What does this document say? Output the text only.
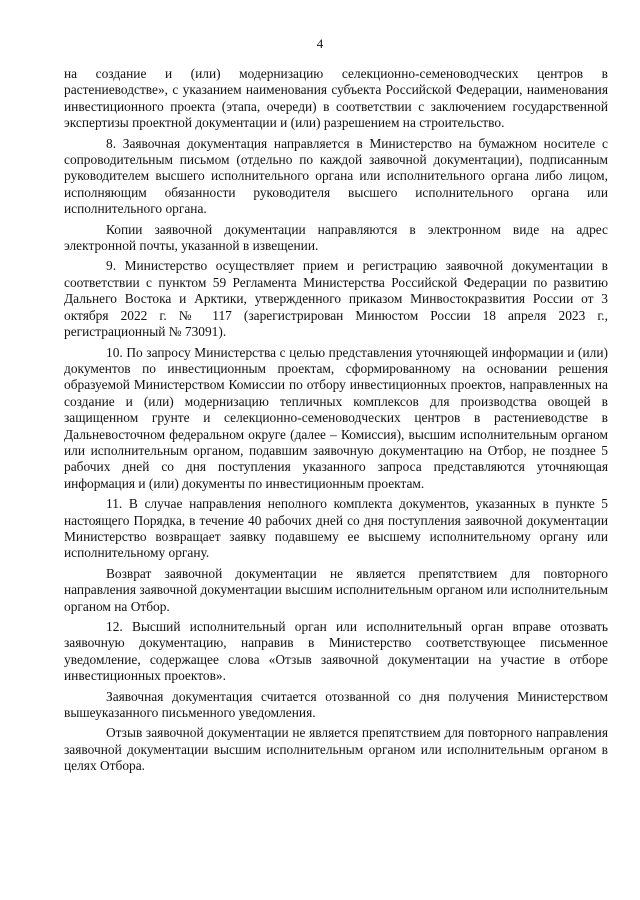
4

на создание и (или) модернизацию селекционно-семеноводческих центров в растениеводстве», с указанием наименования субъекта Российской Федерации, наименования инвестиционного проекта (этапа, очереди) в соответствии с заключением государственной экспертизы проектной документации и (или) разрешением на строительство.

8. Заявочная документация направляется в Министерство на бумажном носителе с сопроводительным письмом (отдельно по каждой заявочной документации), подписанным руководителем высшего исполнительного органа или исполнительного органа либо лицом, исполняющим обязанности руководителя высшего исполнительного органа или исполнительного органа.

Копии заявочной документации направляются в электронном виде на адрес электронной почты, указанной в извещении.

9. Министерство осуществляет прием и регистрацию заявочной документации в соответствии с пунктом 59 Регламента Министерства Российской Федерации по развитию Дальнего Востока и Арктики, утвержденного приказом Минвостокразвития России от 3 октября 2022 г. № 117 (зарегистрирован Минюстом России 18 апреля 2023 г., регистрационный № 73091).

10. По запросу Министерства с целью представления уточняющей информации и (или) документов по инвестиционным проектам, сформированному на основании решения образуемой Министерством Комиссии по отбору инвестиционных проектов, направленных на создание и (или) модернизацию тепличных комплексов для производства овощей в защищенном грунте и селекционно-семеноводческих центров в растениеводстве в Дальневосточном федеральном округе (далее – Комиссия), высшим исполнительным органом или исполнительным органом, подавшим заявочную документацию на Отбор, не позднее 5 рабочих дней со дня поступления указанного запроса представляются уточняющая информация и (или) документы по инвестиционным проектам.

11. В случае направления неполного комплекта документов, указанных в пункте 5 настоящего Порядка, в течение 40 рабочих дней со дня поступления заявочной документации Министерство возвращает заявку подавшему ее высшему исполнительному органу или исполнительному органу.

Возврат заявочной документации не является препятствием для повторного направления заявочной документации высшим исполнительным органом или исполнительным органом на Отбор.

12. Высший исполнительный орган или исполнительный орган вправе отозвать заявочную документацию, направив в Министерство соответствующее письменное уведомление, содержащее слова «Отзыв заявочной документации на участие в отборе инвестиционных проектов».

Заявочная документация считается отозванной со дня получения Министерством вышеуказанного письменного уведомления.

Отзыв заявочной документации не является препятствием для повторного направления заявочной документации высшим исполнительным органом или исполнительным органом в целях Отбора.
